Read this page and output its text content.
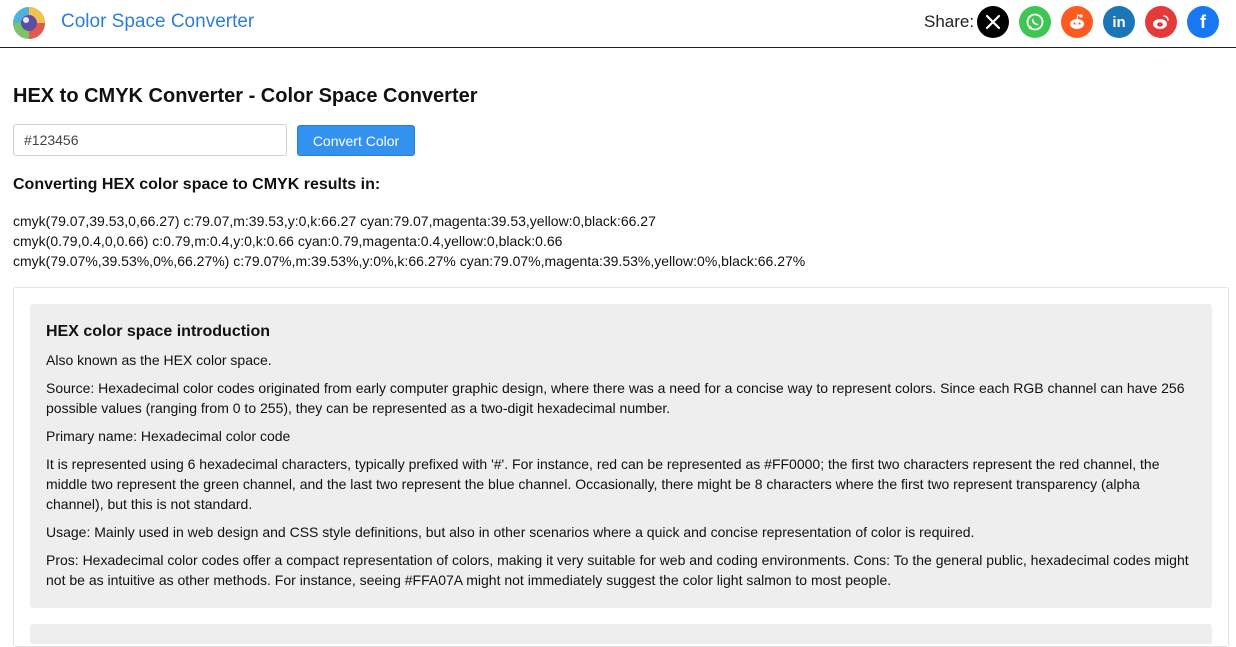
Color Space Converter	Share:	in	f
HEX to CMYK Converter - Color Space Converter
#123456
Convert Color
Converting HEX color space to CMYK results in:
cmyk(79.07,39.53,0,66.27) c:79.07,m:39.53,y:0,k:66.27 cyan:79.07,magenta:39.53,yellow:0,black:66.27
cmyk(0.79,0.4,0,0.66) c:0.79,m:0.4,y:0,k:0.66 cyan:0.79,magenta:0.4,yellow:0,black:0.66
cmyk(79.07%,39.53%,0%,66.27%) c:79.07%,m:39.53%,y:0%,k:66.27% cyan:79.07%,magenta:39.53%,yellow:0%,black:66.27%
HEX color space introduction

Also known as the HEX color space.

Source: Hexadecimal color codes originated from early computer graphic design, where there was a need for a concise way to represent colors. Since each RGB channel can have 256 possible values (ranging from 0 to 255), they can be represented as a two-digit hexadecimal number.

Primary name: Hexadecimal color code

It is represented using 6 hexadecimal characters, typically prefixed with '#'. For instance, red can be represented as #FF0000; the first two characters represent the red channel, the middle two represent the green channel, and the last two represent the blue channel. Occasionally, there might be 8 characters where the first two represent transparency (alpha channel), but this is not standard.

Usage: Mainly used in web design and CSS style definitions, but also in other scenarios where a quick and concise representation of color is required.

Pros: Hexadecimal color codes offer a compact representation of colors, making it very suitable for web and coding environments. Cons: To the general public, hexadecimal codes might not be as intuitive as other methods. For instance, seeing #FFA07A might not immediately suggest the color light salmon to most people.
